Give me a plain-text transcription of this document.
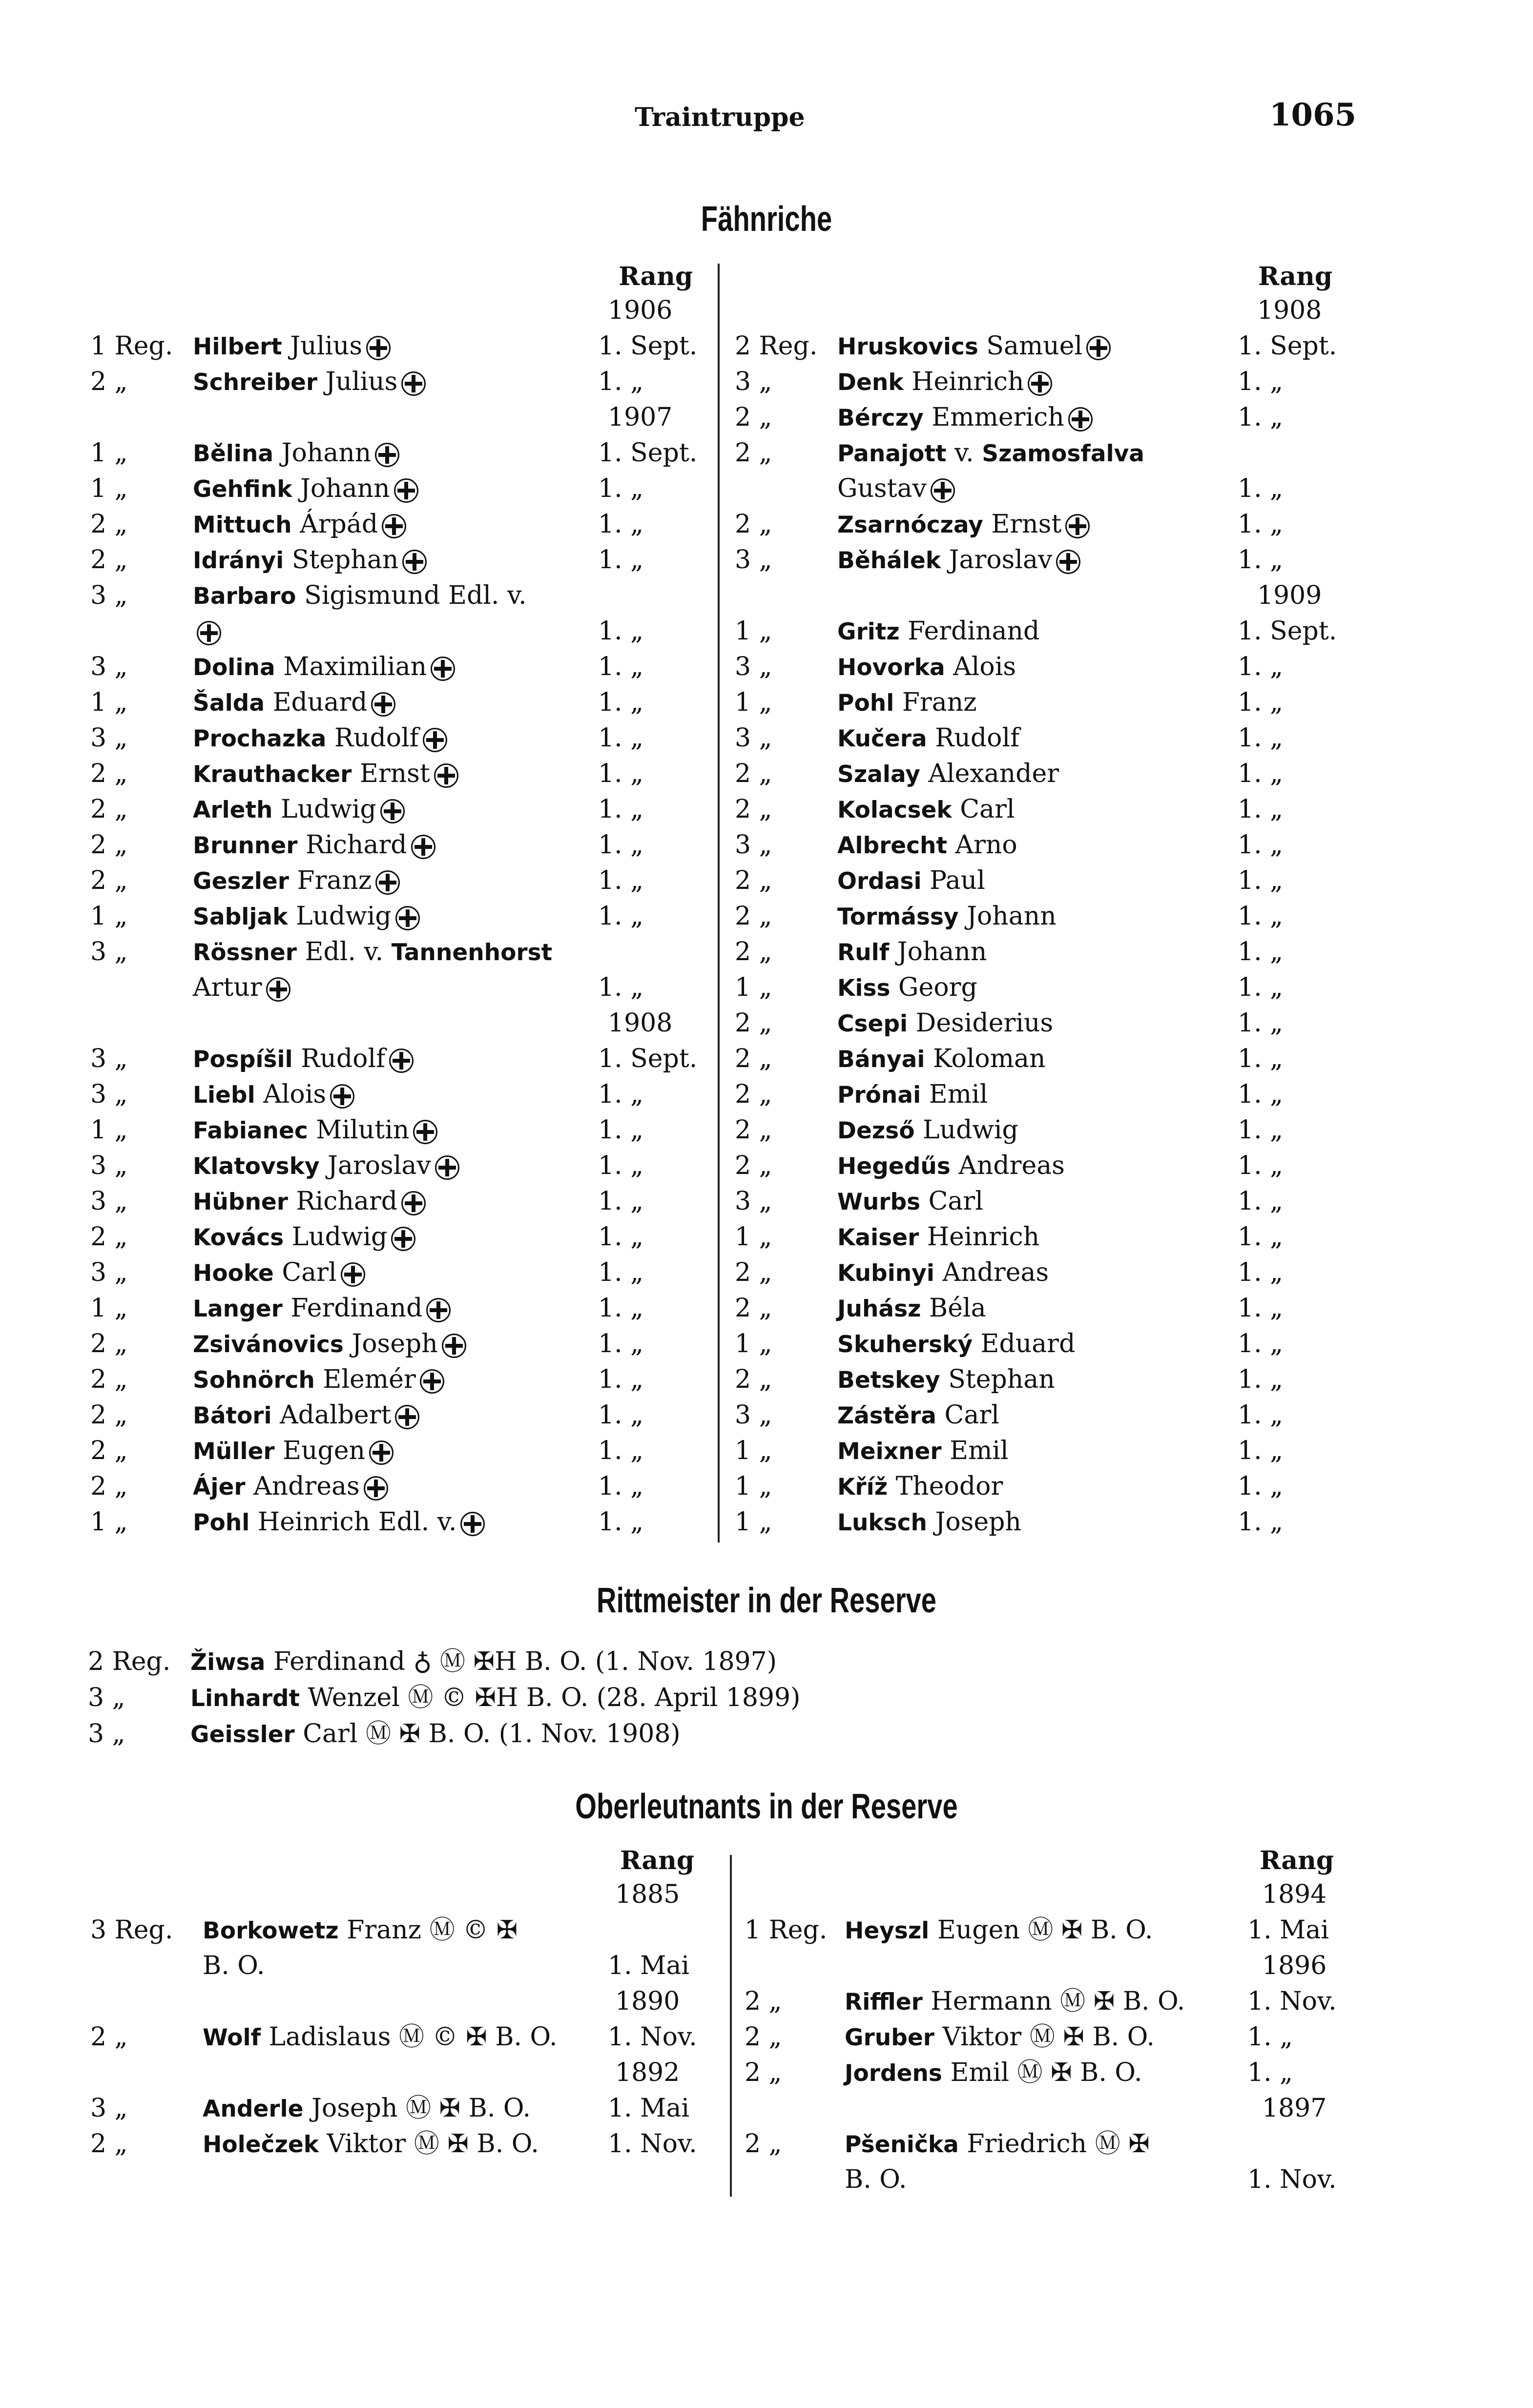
Traintruppe	1065
Fähnriche
Rang
1906
1 Reg. Hilbert Julius	1. Sept.
2 „	Schreiber Julius	1. „
1907
1 „	Bělina Johann	1. Sept.
1 „	Gehfink Johann	1. „
2 „	Mittuch Árpád	1. „
2 „	Idrányi Stephan	1. „
3 „	Barbaro Sigismund Edl. v.
1. „
3 „	Dolina Maximilian	1. „
1 „	Šalda Eduard	1. „
3 „	Prochazka Rudolf	1. „
2 „	Krauthacker Ernst	1. „
2 „	Arleth Ludwig	1. „
2 „	Brunner Richard	1. „
2 „	Geszler Franz	1. „
1 „	Sabljak Ludwig	1. „
3 „	Rössner Edl. v. Tannenhorst
Artur	1. „
1908
3 „	Pospíšil Rudolf	1. Sept.
3 „	Liebl Alois	1. „
1 „	Fabianec Milutin	1. „
3 „	Klatovsky Jaroslav	1. „
3 „	Hübner Richard	1. „
2 „	Kovács Ludwig	1. „
3 „	Hooke Carl	1. „
1 „	Langer Ferdinand	1. „
2 „	Zsivánovics Joseph	1. „
2 „	Sohnörch Elemér	1. „
2 „	Bátori Adalbert	1. „
2 „	Müller Eugen	1. „
2 „	Ájer Andreas	1. „
1 „	Pohl Heinrich Edl. v.	1. „
Rang
1908
2 Reg. Hruskovics Samuel	1. Sept.
3 „	Denk Heinrich	1. „
2 „	Bérczy Emmerich	1. „
2 „	Panajott v. Szamosfalva
Gustav	1. „
2 „	Zsarnóczay Ernst	1. „
3 „	Běhálek Jaroslav	1. „
1909
1 „	Gritz Ferdinand	1. Sept.
3 „	Hovorka Alois	1. „
1 „	Pohl Franz	1. „
3 „	Kučera Rudolf	1. „
2 „	Szalay Alexander	1. „
2 „	Kolacsek Carl	1. „
3 „	Albrecht Arno	1. „
2 „	Ordasi Paul	1. „
2 „	Tormássy Johann	1. „
2 „	Rulf Johann	1. „
1 „	Kiss Georg	1. „
2 „	Csepi Desiderius	1. „
2 „	Bányai Koloman	1. „
2 „	Prónai Emil	1. „
2 „	Dezső Ludwig	1. „
2 „	Hegedűs Andreas	1. „
3 „	Wurbs Carl	1. „
1 „	Kaiser Heinrich	1. „
2 „	Kubinyi Andreas	1. „
2 „	Juhász Béla	1. „
1 „	Skuherský Eduard	1. „
2 „	Betskey Stephan	1. „
3 „	Zástěra Carl	1. „
1 „	Meixner Emil	1. „
1 „	Kříž Theodor	1. „
1 „	Luksch Joseph	1. „
Rittmeister in der Reserve
2 Reg. Žiwsa Ferdinand ♁ Ⓜ ✠H B. O. (1. Nov. 1897)
3 „	Linhardt Wenzel Ⓜ © ✠H B. O. (28. April 1899)
3 „	Geissler Carl Ⓜ ✠ B. O. (1. Nov. 1908)
Oberleutnants in der Reserve
Rang
1885
3 Reg. Borkowetz Franz Ⓜ © ✠
B. O.	1. Mai
1890
2 „	Wolf Ladislaus Ⓜ © ✠ B. O. 1. Nov.
1892
3 „	Anderle Joseph Ⓜ ✠ B. O.	1. Mai
2 „	Holečzek Viktor Ⓜ ✠ B. O.	1. Nov.
Rang
1894
1 Reg. Heyszl Eugen Ⓜ ✠ B. O.	1. Mai
1896
2 „	Riffler Hermann Ⓜ ✠ B. O. 1. Nov.
2 „	Gruber Viktor Ⓜ ✠ B. O.	1. „
2 „	Jordens Emil Ⓜ ✠ B. O.	1. „
1897
2 „	Pšenička Friedrich Ⓜ ✠
B. O.	1. Nov.
